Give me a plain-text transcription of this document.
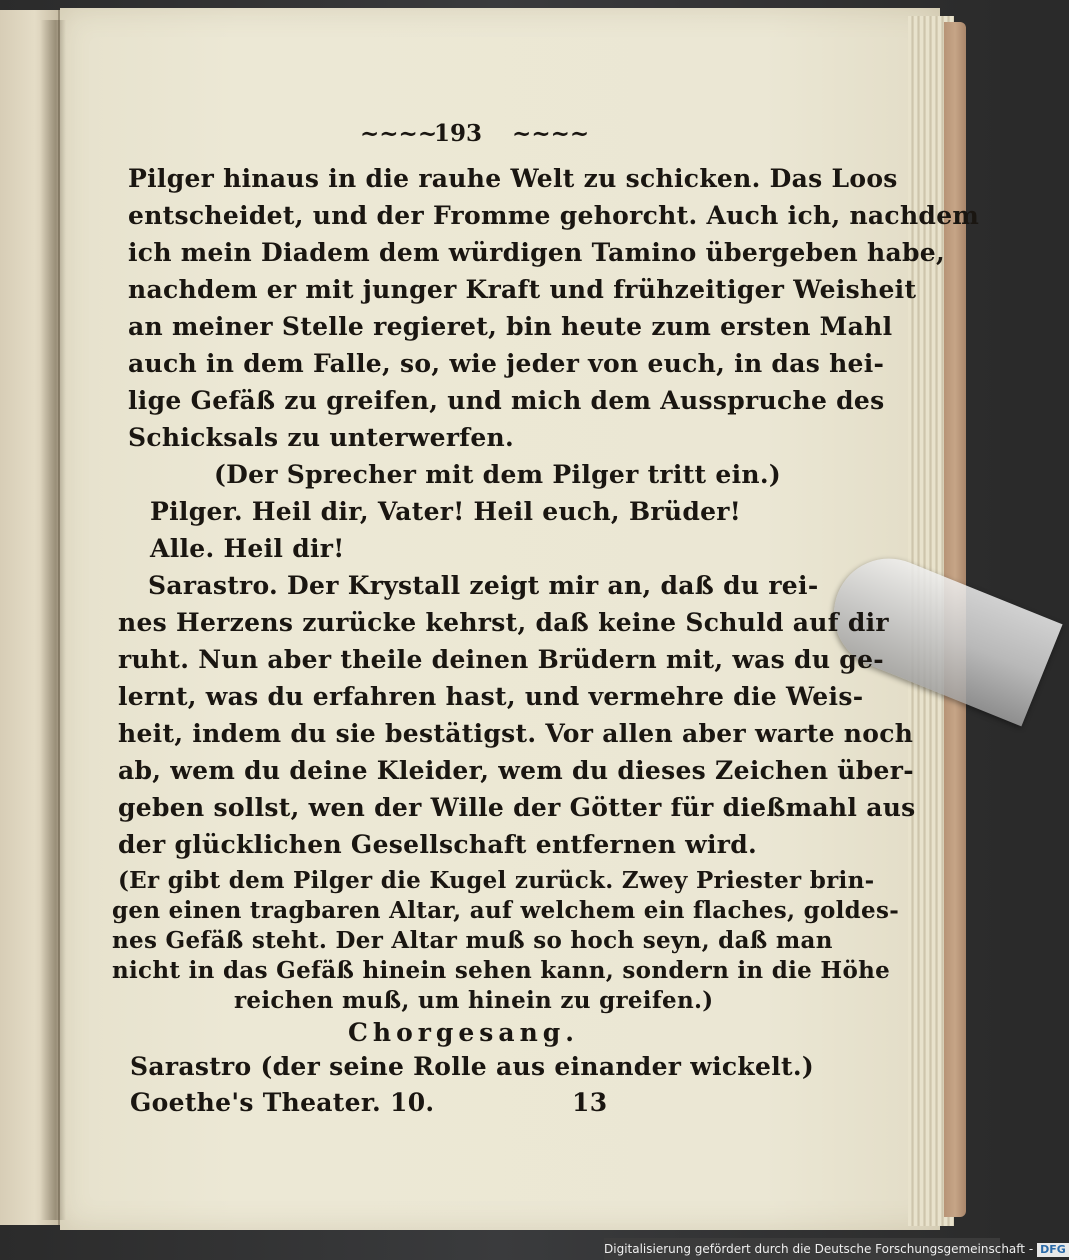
~~~~ 193 ~~~~
Pilger hinaus in die rauhe Welt zu schicken. Das Loos
entscheidet, und der Fromme gehorcht. Auch ich, nachdem
ich mein Diadem dem würdigen Tamino übergeben habe,
nachdem er mit junger Kraft und frühzeitiger Weisheit
an meiner Stelle regieret, bin heute zum ersten Mahl
auch in dem Falle, so, wie jeder von euch, in das hei-
lige Gefäß zu greifen, und mich dem Ausspruche des
Schicksals zu unterwerfen.
(Der Sprecher mit dem Pilger tritt ein.)
Pilger. Heil dir, Vater! Heil euch, Brüder!
Alle. Heil dir!
Sarastro. Der Krystall zeigt mir an, daß du rei-
nes Herzens zurücke kehrst, daß keine Schuld auf dir
ruht. Nun aber theile deinen Brüdern mit, was du ge-
lernt, was du erfahren hast, und vermehre die Weis-
heit, indem du sie bestätigst. Vor allen aber warte noch
ab, wem du deine Kleider, wem du dieses Zeichen über-
geben sollst, wen der Wille der Götter für dießmahl aus
der glücklichen Gesellschaft entfernen wird.
(Er gibt dem Pilger die Kugel zurück. Zwey Priester brin-
gen einen tragbaren Altar, auf welchem ein flaches, goldes-
nes Gefäß steht. Der Altar muß so hoch seyn, daß man
nicht in das Gefäß hinein sehen kann, sondern in die Höhe
reichen muß, um hinein zu greifen.)
Chorgesang.
Sarastro (der seine Rolle aus einander wickelt.)
Goethe's Theater. 10.	13
Digitalisierung gefördert durch die Deutsche Forschungsgemeinschaft - DFG
